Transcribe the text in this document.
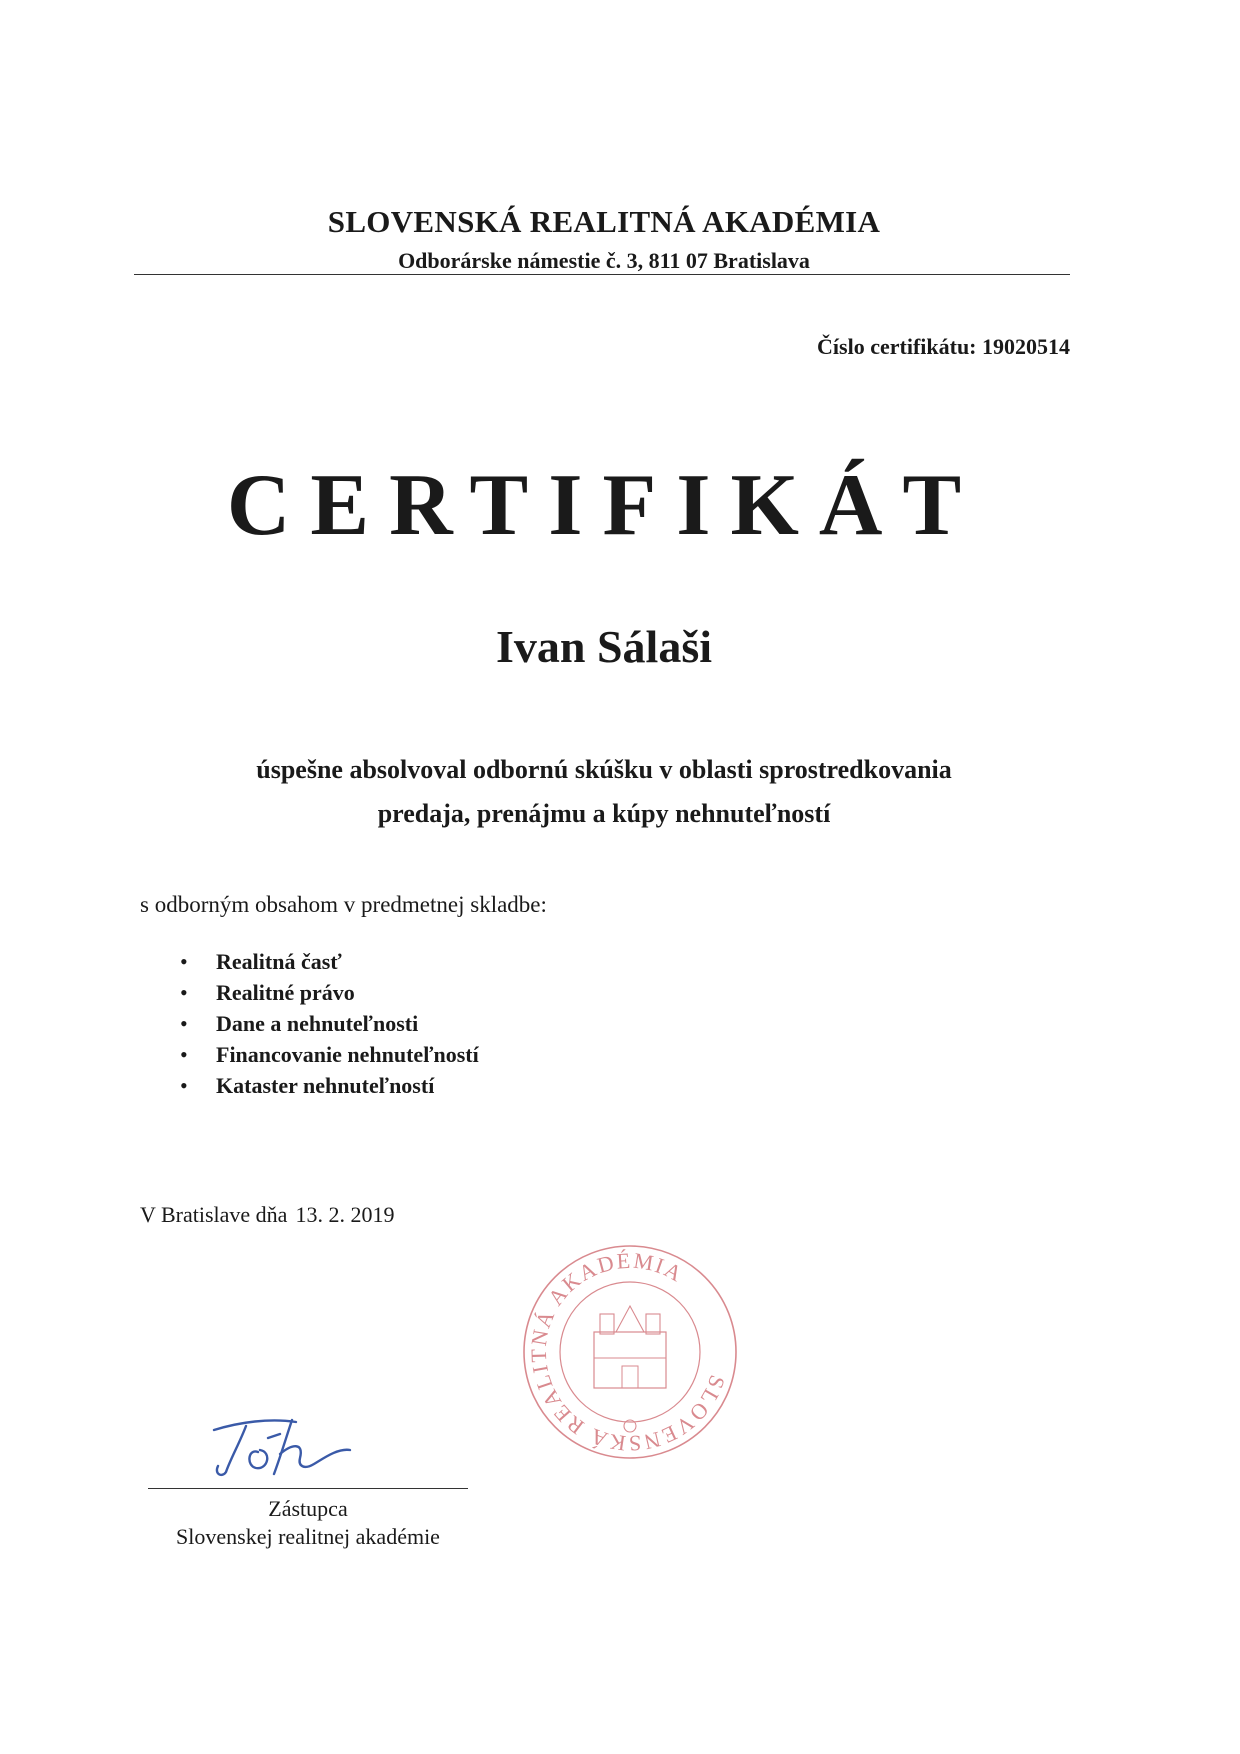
SLOVENSKÁ REALITNÁ AKADÉMIA
Odborárske námestie č. 3, 811 07 Bratislava
Číslo certifikátu: 19020514
CERTIFIKÁT
Ivan Sálaši
úspešne absolvoval odbornú skúšku v oblasti sprostredkovania
predaja, prenájmu a kúpy nehnuteľností
s odborným obsahom v predmetnej skladbe:
• Realitná časť
• Realitné právo
• Dane a nehnuteľnosti
• Financovanie nehnuteľností
• Kataster nehnuteľností
V Bratislave dňa 13. 2. 2019
SLOVENSKÁ REALITNÁ AKADÉMIA
Zástupca
Slovenskej realitnej akadémie
